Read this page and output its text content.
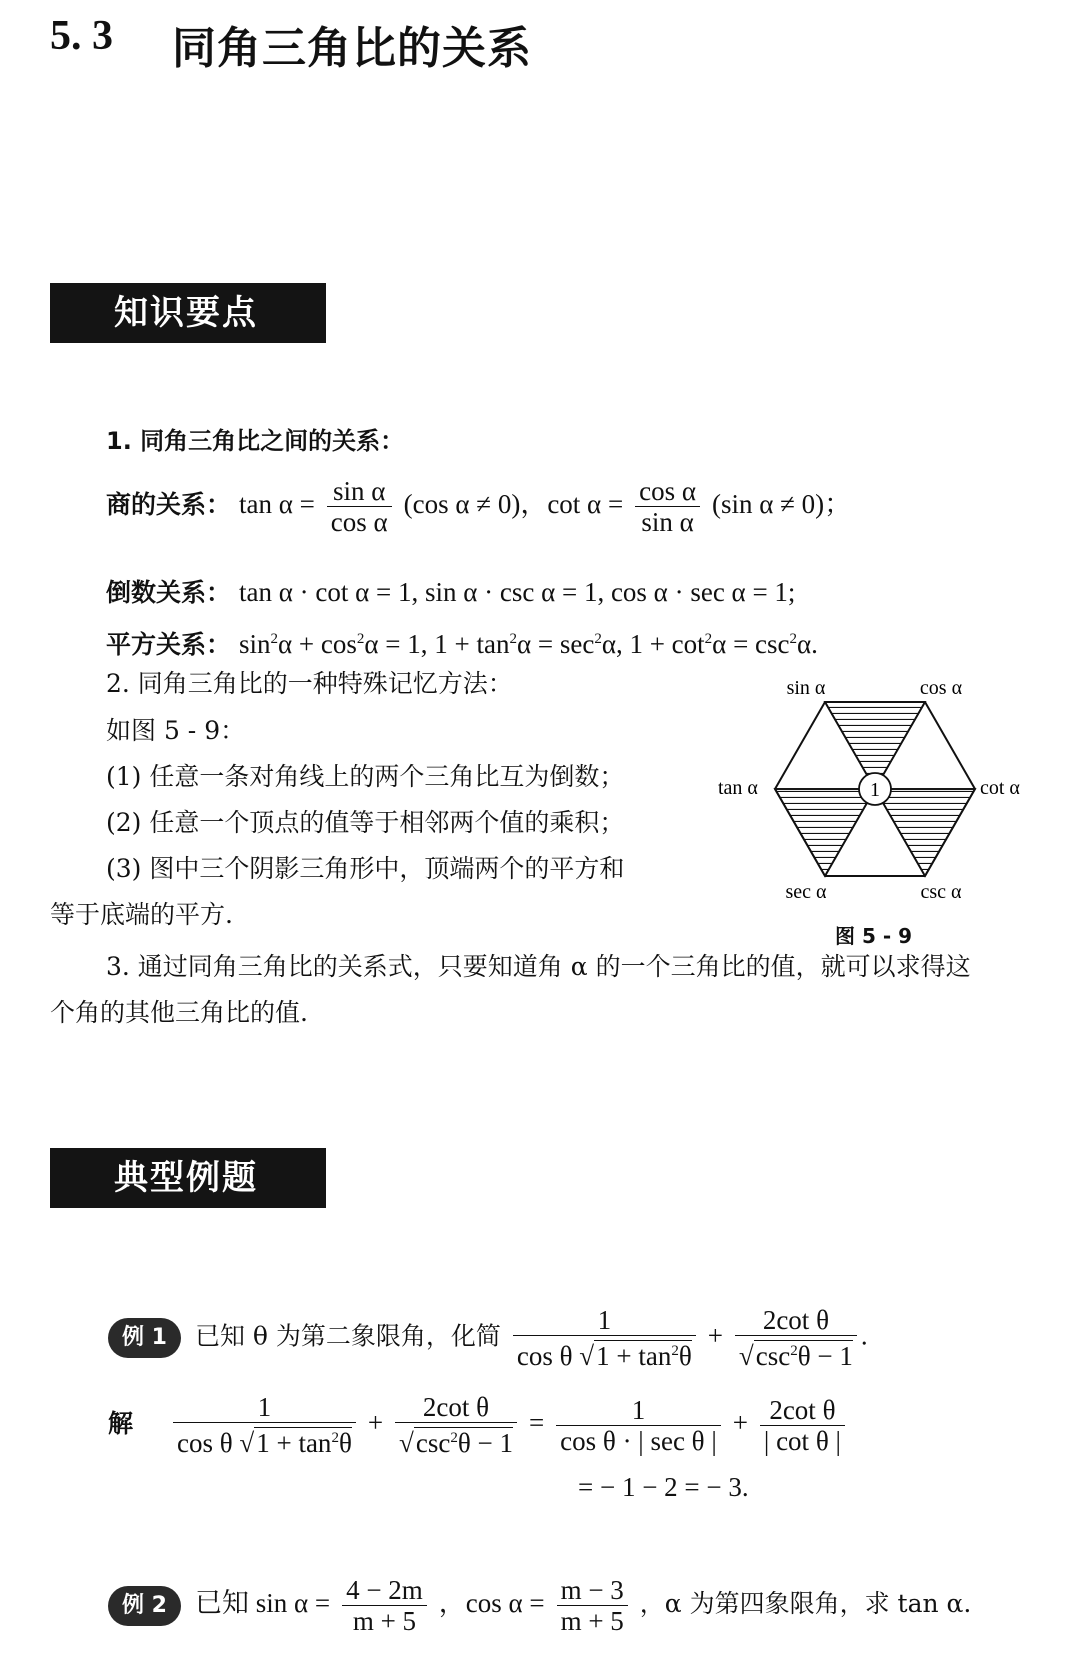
5. 3 同角三角比的关系
知识要点
1. 同角三角比之间的关系：
商的关系： $\tan \alpha = \frac{\text{sin α}}{\text{cos α}} (\cos$ α ≠ 0)，$\cot \alpha = \frac{\text{cos α}}{\text{sin α}} (\sin$ α ≠ 0)；
倒数关系： tan α · cot α = 1, sin α · csc α = 1, cos α · sec α = 1;
平方关系： $\sin^2\alpha + \cos^2\alpha = 1$, $1 + \tan^2\alpha = \sec^2\alpha$, $1 + \cot^2\alpha = \csc^2\alpha$.
2. 同角三角比的一种特殊记忆方法：
如图 5 - 9：
(1) 任意一条对角线上的两个三角比互为倒数；
(2) 任意一个顶点的值等于相邻两个值的乘积；
(3) 图中三个阴影三角形中，顶端两个的平方和
等于底端的平方.
3. 通过同角三角比的关系式，只要知道角 α 的一个三角比的值，就可以求得这
个角的其他三角比的值.
1
sin α	cos α
tan α	cot α
sec α	csc α
图 5 - 9
典型例题
例 1 已知 θ 为第二象限角，化简 $\frac{1}{\cos \theta √1 + \tan^2\theta} + \frac{\text{2cot θ}}{√\csc^2\theta - 1}$ .
解 $\frac{1}{\cos \theta √1 + \tan^2\theta} + \frac{\text{2cot θ}}{√\csc^2\theta - 1} = \frac{1}{\text{cos θ · | sec θ |}} + \frac{\text{2cot θ}}{\text{| cot θ |}}$
= − 1 − 2 = − 3.
例 2 已知 $\sin \alpha = \frac{4 - 2m}{m + 5}$ ，$\cos \alpha = \frac{m - 3}{m + 5}$ ，α 为第四象限角，求 tan α.
